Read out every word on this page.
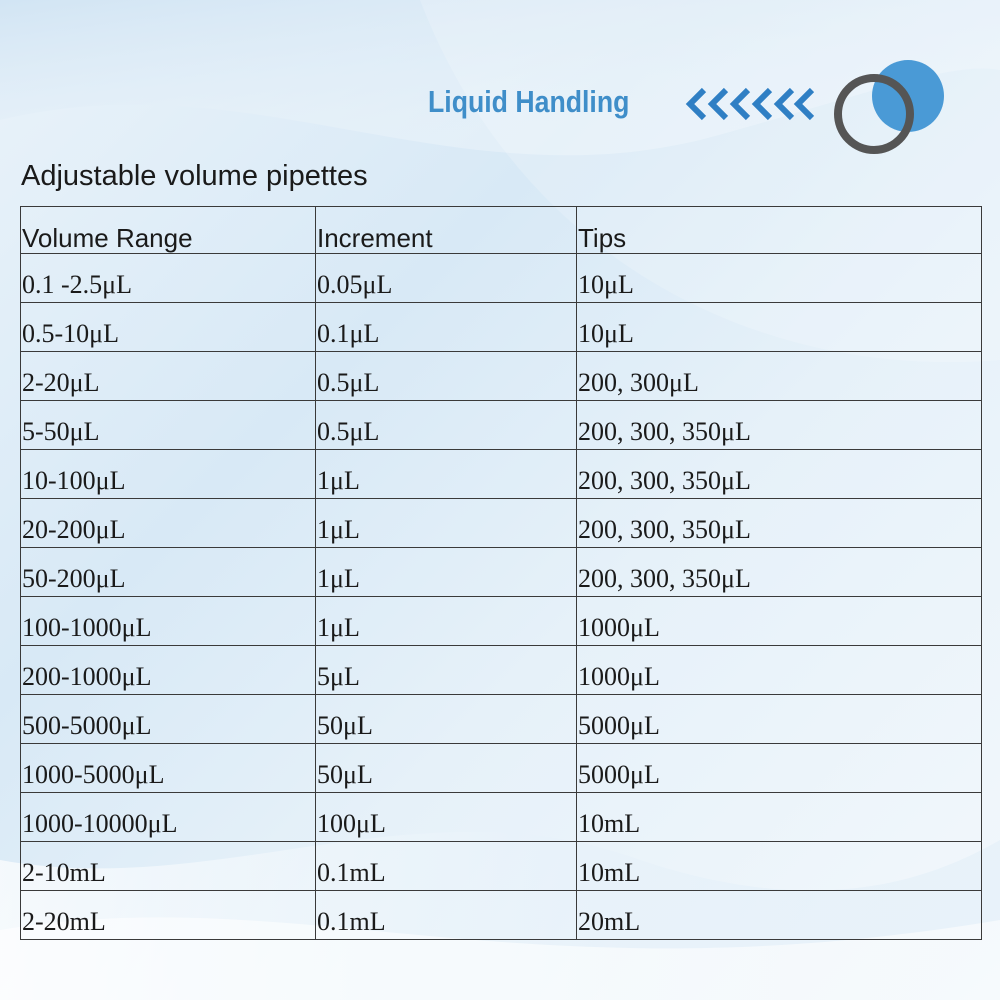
Liquid Handling
Adjustable volume pipettes
Volume Range	Increment	Tips
0.1 -2.5μL	0.05μL	10μL
0.5-10μL	0.1μL	10μL
2-20μL	0.5μL	200, 300μL
5-50μL	0.5μL	200, 300, 350μL
10-100μL	1μL	200, 300, 350μL
20-200μL	1μL	200, 300, 350μL
50-200μL	1μL	200, 300, 350μL
100-1000μL	1μL	1000μL
200-1000μL	5μL	1000μL
500-5000μL	50μL	5000μL
1000-5000μL	50μL	5000μL
1000-10000μL	100μL	10mL
2-10mL	0.1mL	10mL
2-20mL	0.1mL	20mL
